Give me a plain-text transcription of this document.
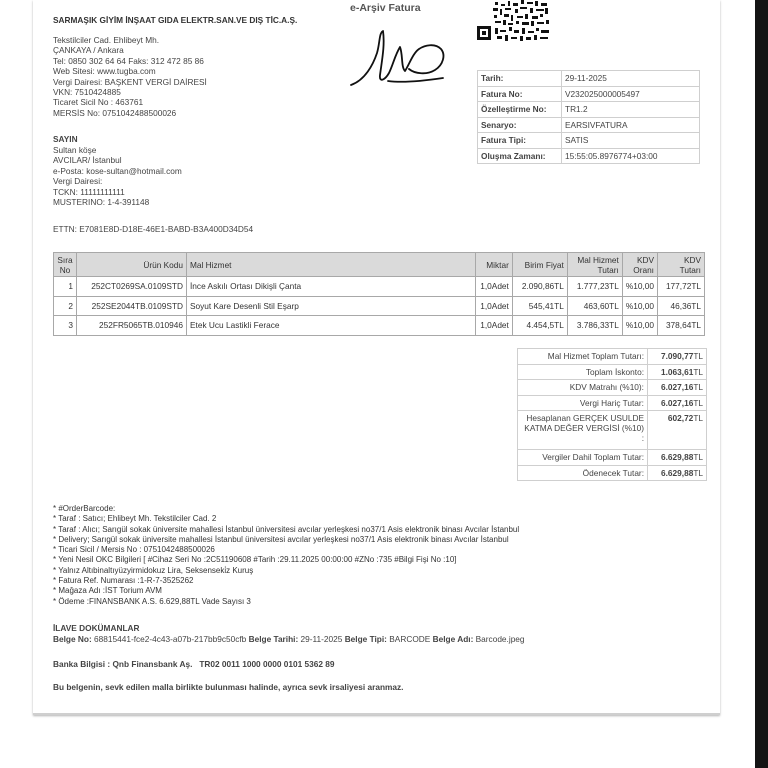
SARMAŞIK GİYİM İNŞAAT GIDA ELEKTR.SAN.VE DIŞ TİC.A.Ş.
Tekstilciler Cad. Ehlibeyt Mh.
ÇANKAYA / Ankara
Tel: 0850 302 64 64 Faks: 312 472 85 86
Web Sitesi: www.tugba.com
Vergi Dairesi: BAŞKENT VERGİ DAİRESİ
VKN: 7510424885
Ticaret Sicil No : 463761
MERSİS No: 0751042488500026
SAYIN
Sultan köşe
AVCILAR/ İstanbul
e-Posta: kose-sultan@hotmail.com
Vergi Dairesi:
TCKN: 11111111111
MUSTERINO: 1-4-391148
ETTN: E7081E8D-D18E-46E1-BABD-B3A400D34D54
e-Arşiv Fatura
Tarih:	29-11-2025
Fatura No:	V232025000005497
Özelleştirme No:	TR1.2
Senaryo:	EARSIVFATURA
Fatura Tipi:	SATIS
Oluşma Zamanı:	15:55:05.8976774+03:00
Sıra No	Ürün Kodu	Mal Hizmet	Miktar	Birim Fiyat	Mal Hizmet Tutarı	KDV Oranı	KDV Tutarı
1	252CT0269SA.0109STD	İnce Askılı Ortası Dikişli Çanta	1,0Adet	2.090,86TL	1.777,23TL	%10,00	177,72TL
2	252SE2044TB.0109STD	Soyut Kare Desenli Stil Eşarp	1,0Adet	545,41TL	463,60TL	%10,00	46,36TL
3	252FR5065TB.010946	Etek Ucu Lastikli Ferace	1,0Adet	4.454,5TL	3.786,33TL	%10,00	378,64TL
Mal Hizmet Toplam Tutarı:	7.090,77TL
Toplam İskonto:	1.063,61TL
KDV Matrahı (%10):	6.027,16TL
Vergi Hariç Tutar:	6.027,16TL
Hesaplanan GERÇEK USULDE KATMA DEĞER VERGİSİ (%10) :	602,72TL
Vergiler Dahil Toplam Tutar:	6.629,88TL
Ödenecek Tutar:	6.629,88TL
* #OrderBarcode:
* Taraf : Satıcı; Ehlibeyt Mh. Tekstilciler Cad. 2
* Taraf : Alıcı; Sarıgül sokak üniversite mahallesi İstanbul üniversitesi avcılar yerleşkesi no37/1 Asis elektronik binası Avcılar İstanbul
* Delivery; Sarıgül sokak üniversite mahallesi İstanbul üniversitesi avcılar yerleşkesi no37/1 Asis elektronik binası Avcılar İstanbul
* Ticari Sicil / Mersis No : 0751042488500026
* Yeni Nesil OKC Bilgileri [ #Cihaz Seri No :2C51190608 #Tarih :29.11.2025 00:00:00 #ZNo :735 #Bilgi Fişi No :10]
* Yalnız Altıbinaltıyüzyirmidokuz Lira, Seksenseki̇z Kuruş
* Fatura Ref. Numarası :1-R-7-3525262
* Mağaza Adı :İST Torium AVM
* Ödeme :FINANSBANK A.S. 6.629,88TL Vade Sayısı 3
İLAVE DOKÜMANLAR
Belge No: 68815441-fce2-4c43-a07b-217bb9c50cfb Belge Tarihi: 29-11-2025 Belge Tipi: BARCODE Belge Adı: Barcode.jpeg
Banka Bilgisi : Qnb Finansbank Aş. TR02 0011 1000 0000 0101 5362 89
Bu belgenin, sevk edilen malla birlikte bulunması halinde, ayrıca sevk irsaliyesi aranmaz.
